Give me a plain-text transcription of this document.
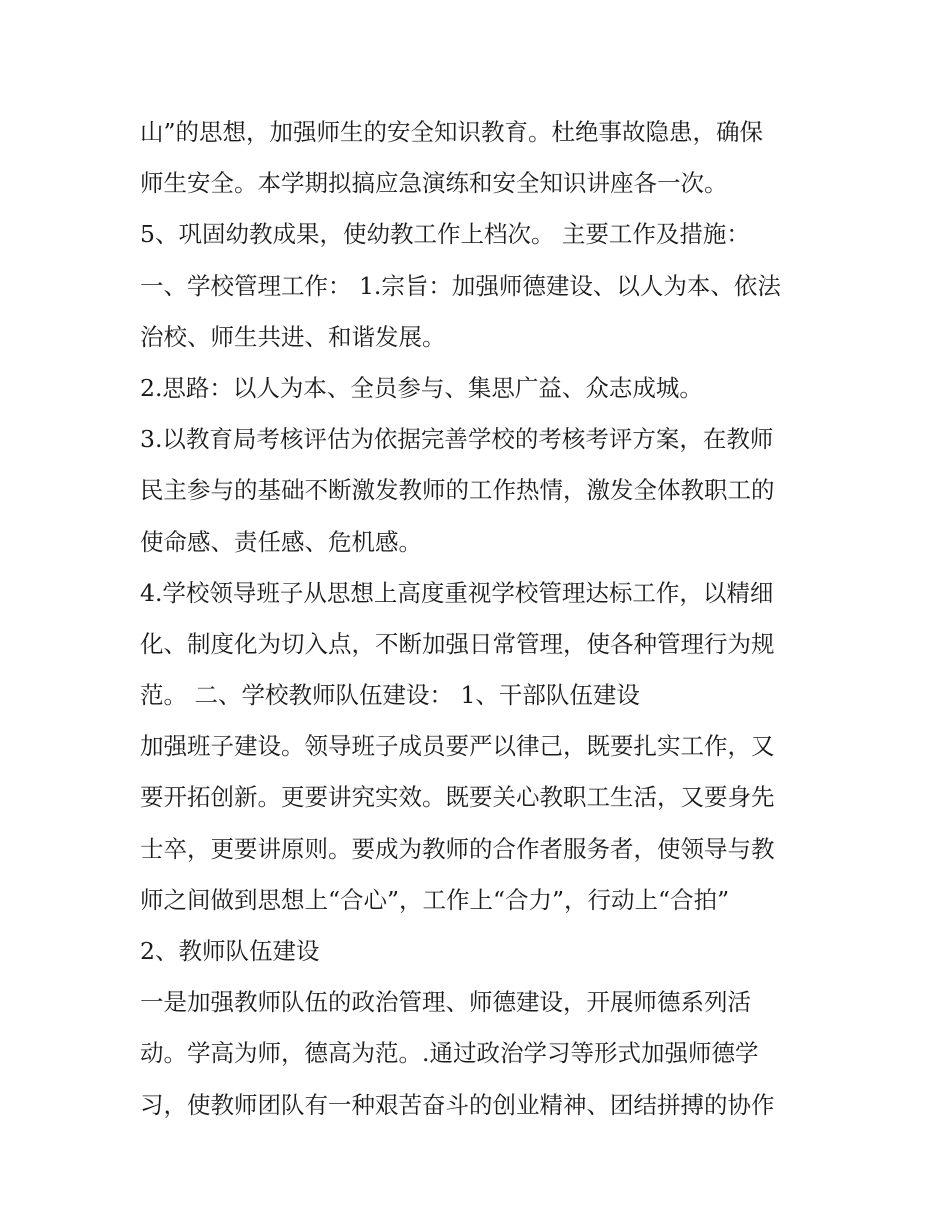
山”的思想，加强师生的安全知识教育。杜绝事故隐患，确保
师生安全。本学期拟搞应急演练和安全知识讲座各一次。
5、巩固幼教成果，使幼教工作上档次。 主要工作及措施：
一、学校管理工作： 1.宗旨：加强师德建设、以人为本、依法
治校、师生共进、和谐发展。
2.思路：以人为本、全员参与、集思广益、众志成城。
3.以教育局考核评估为依据完善学校的考核考评方案，在教师
民主参与的基础不断激发教师的工作热情，激发全体教职工的
使命感、责任感、危机感。
4.学校领导班子从思想上高度重视学校管理达标工作，以精细
化、制度化为切入点，不断加强日常管理，使各种管理行为规
范。 二、学校教师队伍建设： 1、干部队伍建设
加强班子建设。领导班子成员要严以律己，既要扎实工作，又
要开拓创新。更要讲究实效。既要关心教职工生活，又要身先
士卒，更要讲原则。要成为教师的合作者服务者，使领导与教
师之间做到思想上“合心”，工作上“合力”，行动上“合拍”
2、教师队伍建设
一是加强教师队伍的政治管理、师德建设，开展师德系列活
动。学高为师，德高为范。.通过政治学习等形式加强师德学
习，使教师团队有一种艰苦奋斗的创业精神、团结拼搏的协作
